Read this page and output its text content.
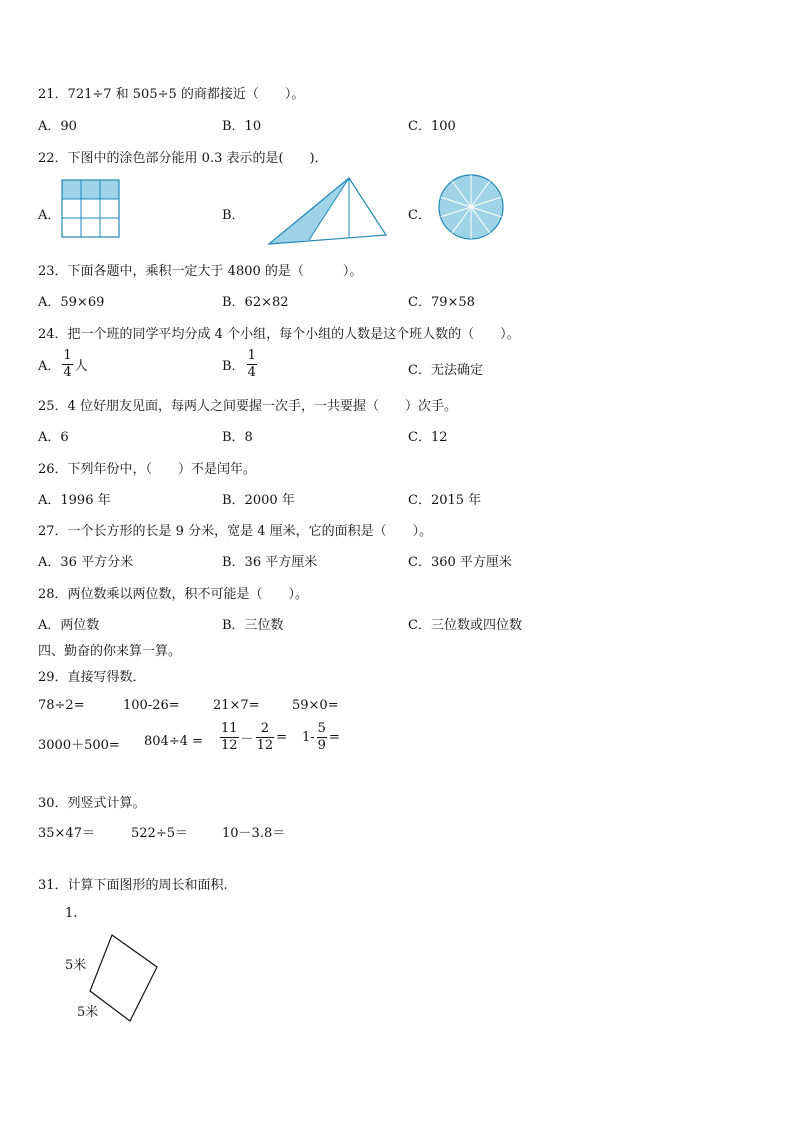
21．721÷7 和 505÷5 的商都接近（　　）。
A．90	B．10	C．100
22．下图中的涂色部分能用 0.3 表示的是(　　)．
A．	B．	C．
23．下面各题中，乘积一定大于 4800 的是（　　　）。
A．59×69	B．62×82	C．79×58
24．把一个班的同学平均分成 4 个小组，每个小组的人数是这个班人数的（　　）。
A． $\frac{1}{4}$ 人	B． $\frac{1}{4}$	C．无法确定
25．4 位好朋友见面，每两人之间要握一次手，一共要握（　　）次手。
A．6	B．8	C．12
26．下列年份中，（　　）不是闰年。
A．1996 年	B．2000 年	C．2015 年
27．一个长方形的长是 9 分米，宽是 4 厘米，它的面积是（　　）。
A．36 平方分米	B．36 平方厘米	C．360 平方厘米
28．两位数乘以两位数，积不可能是（　　）。
A．两位数	B．三位数	C．三位数或四位数
四、勤奋的你来算一算。
29．直接写得数．
78÷2=	100-26=	21×7= 59×0=
$3000+500= 804\div 4 = \frac{11}{12} - \frac{2}{12} = 1- \frac{5}{9}$ =
30．列竖式计算。
35×47＝	522÷5＝	10－3.8＝
31．计算下面图形的周长和面积.
1.
5米
5米
